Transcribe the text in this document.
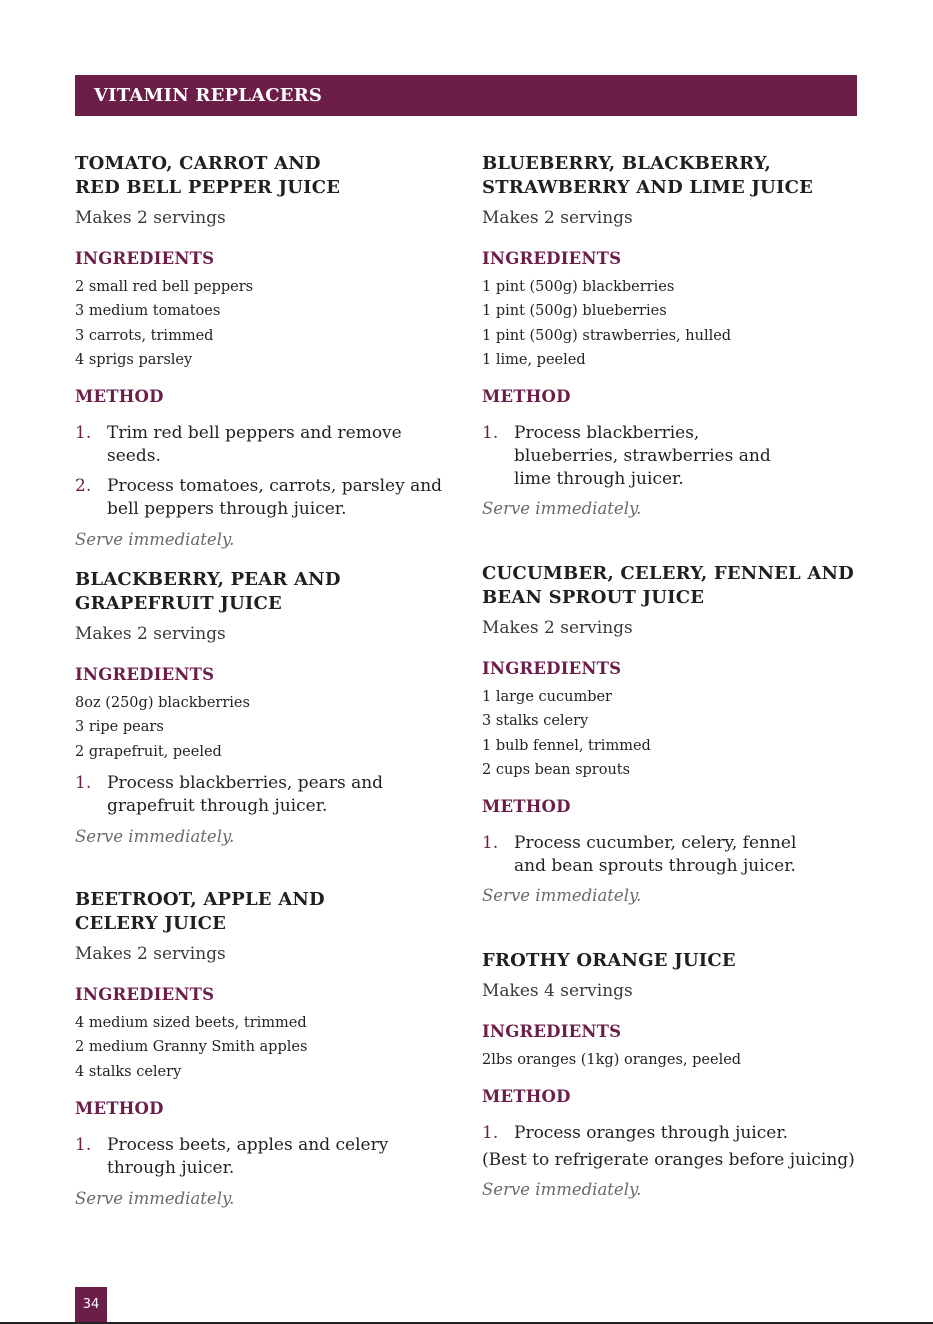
VITAMIN REPLACERS
TOMATO, CARROT AND
RED BELL PEPPER JUICE
Makes 2 servings
INGREDIENTS
2 small red bell peppers
3 medium tomatoes
3 carrots, trimmed
4 sprigs parsley
METHOD
1. Trim red bell peppers and remove seeds.
2. Process tomatoes, carrots, parsley and bell peppers through juicer.
Serve immediately.
BLACKBERRY, PEAR AND
GRAPEFRUIT JUICE
Makes 2 servings
INGREDIENTS
8oz (250g) blackberries
3 ripe pears
2 grapefruit, peeled
1. Process blackberries, pears and grapefruit through juicer.
Serve immediately.
BEETROOT, APPLE AND
CELERY JUICE
Makes 2 servings
INGREDIENTS
4 medium sized beets, trimmed
2 medium Granny Smith apples
4 stalks celery
METHOD
1. Process beets, apples and celery through juicer.
Serve immediately.
BLUEBERRY, BLACKBERRY,
STRAWBERRY AND LIME JUICE
Makes 2 servings
INGREDIENTS
1 pint (500g) blackberries
1 pint (500g) blueberries
1 pint (500g) strawberries, hulled
1 lime, peeled
METHOD
1. Process blackberries, blueberries, strawberries and lime through juicer.
Serve immediately.
CUCUMBER, CELERY, FENNEL AND
BEAN SPROUT JUICE
Makes 2 servings
INGREDIENTS
1 large cucumber
3 stalks celery
1 bulb fennel, trimmed
2 cups bean sprouts
METHOD
1. Process cucumber, celery, fennel and bean sprouts through juicer.
Serve immediately.
FROTHY ORANGE JUICE
Makes 4 servings
INGREDIENTS
2lbs oranges (1kg) oranges, peeled
METHOD
1. Process oranges through juicer.
(Best to refrigerate oranges before juicing)
Serve immediately.
34
